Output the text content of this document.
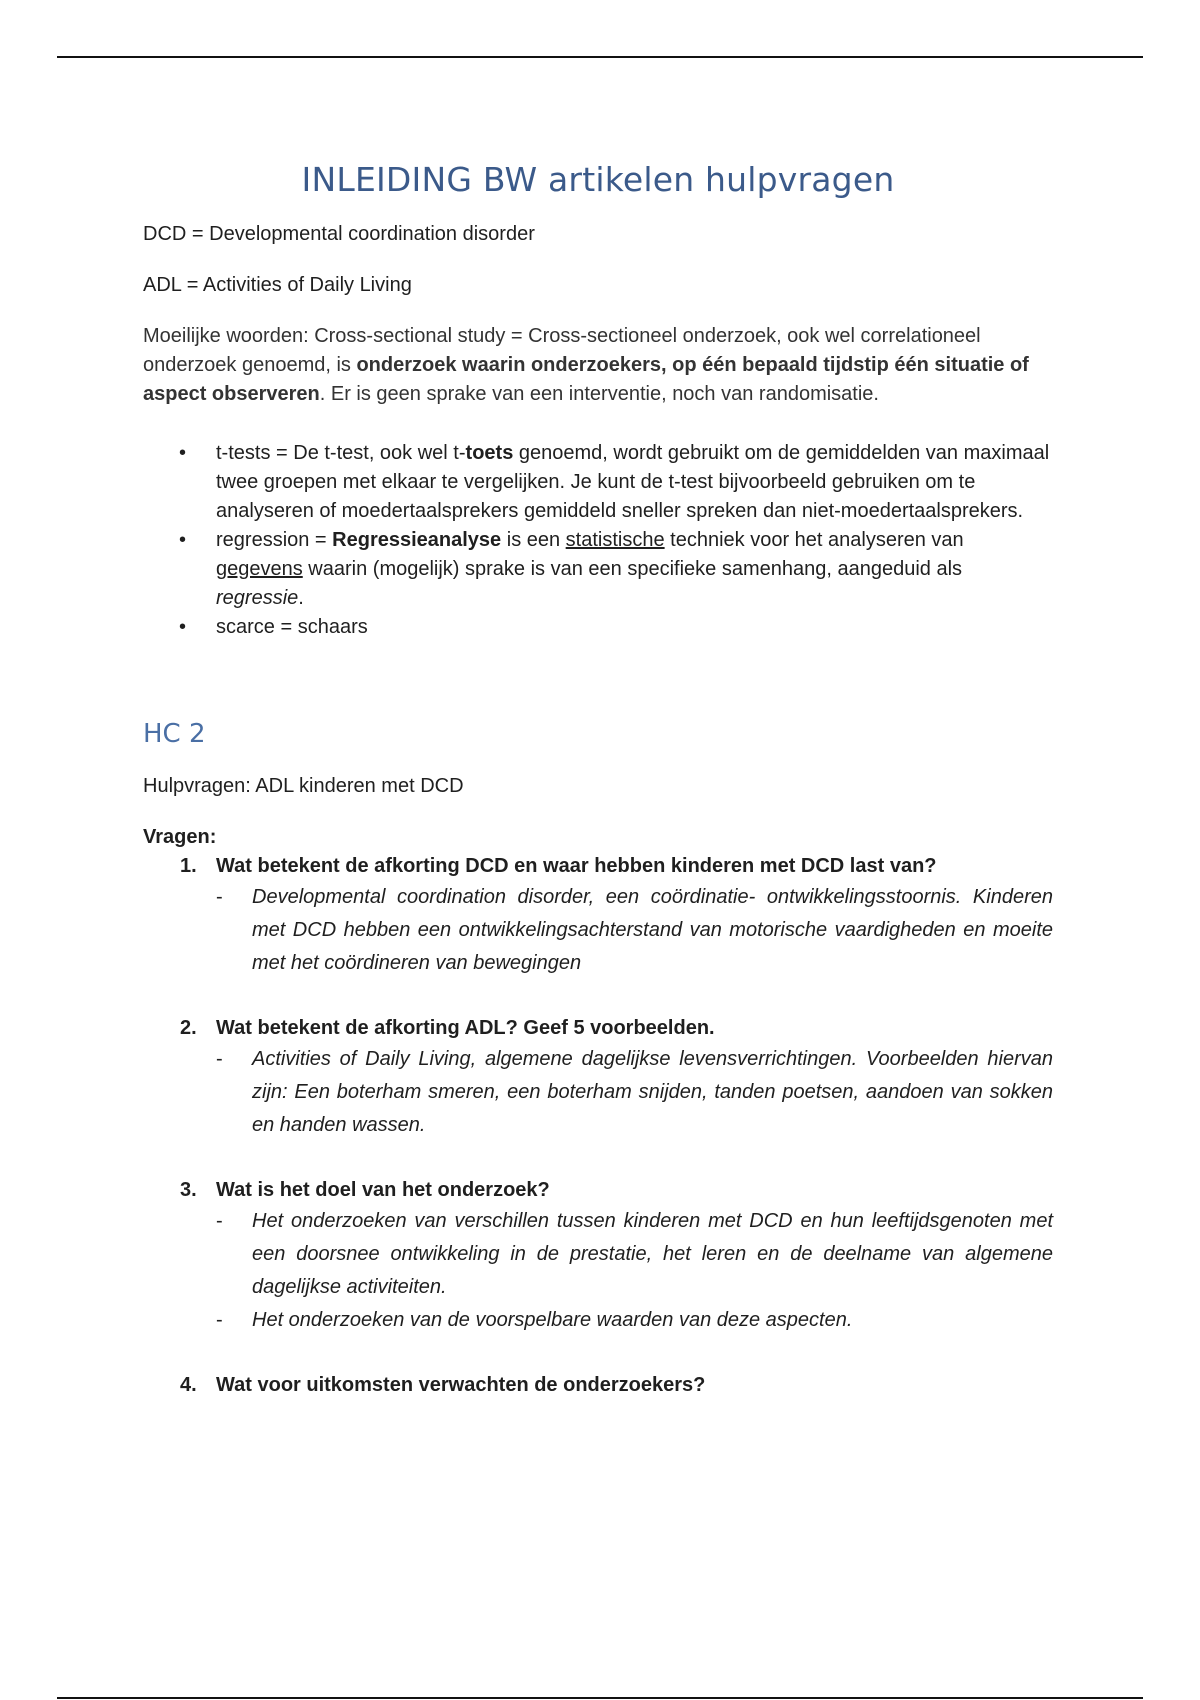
INLEIDING BW artikelen hulpvragen

DCD = Developmental coordination disorder

ADL = Activities of Daily Living

Moeilijke woorden: Cross-sectional study = Cross-sectioneel onderzoek, ook wel correlationeel onderzoek genoemd, is onderzoek waarin onderzoekers, op één bepaald tijdstip één situatie of aspect observeren. Er is geen sprake van een interventie, noch van randomisatie.

• t-tests = De t-test, ook wel t-toets genoemd, wordt gebruikt om de gemiddelden van maximaal twee groepen met elkaar te vergelijken. Je kunt de t-test bijvoorbeeld gebruiken om te analyseren of moedertaalsprekers gemiddeld sneller spreken dan niet-moedertaalsprekers.
• regression = Regressieanalyse is een statistische techniek voor het analyseren van gegevens waarin (mogelijk) sprake is van een specifieke samenhang, aangeduid als regressie.
• scarce = schaars
HC 2

Hulpvragen: ADL kinderen met DCD

Vragen:

1. Wat betekent de afkorting DCD en waar hebben kinderen met DCD last van?

- Developmental coordination disorder, een coördinatie- ontwikkelingsstoornis. Kinderen met DCD hebben een ontwikkelingsachterstand van motorische vaardigheden en moeite met het coördineren van bewegingen

2. Wat betekent de afkorting ADL? Geef 5 voorbeelden.

- Activities of Daily Living, algemene dagelijkse levensverrichtingen. Voorbeelden hiervan zijn: Een boterham smeren, een boterham snijden, tanden poetsen, aandoen van sokken en handen wassen.

3. Wat is het doel van het onderzoek?

- Het onderzoeken van verschillen tussen kinderen met DCD en hun leeftijdsgenoten met een doorsnee ontwikkeling in de prestatie, het leren en de deelname van algemene dagelijkse activiteiten.

- Het onderzoeken van de voorspelbare waarden van deze aspecten.

4. Wat voor uitkomsten verwachten de onderzoekers?
